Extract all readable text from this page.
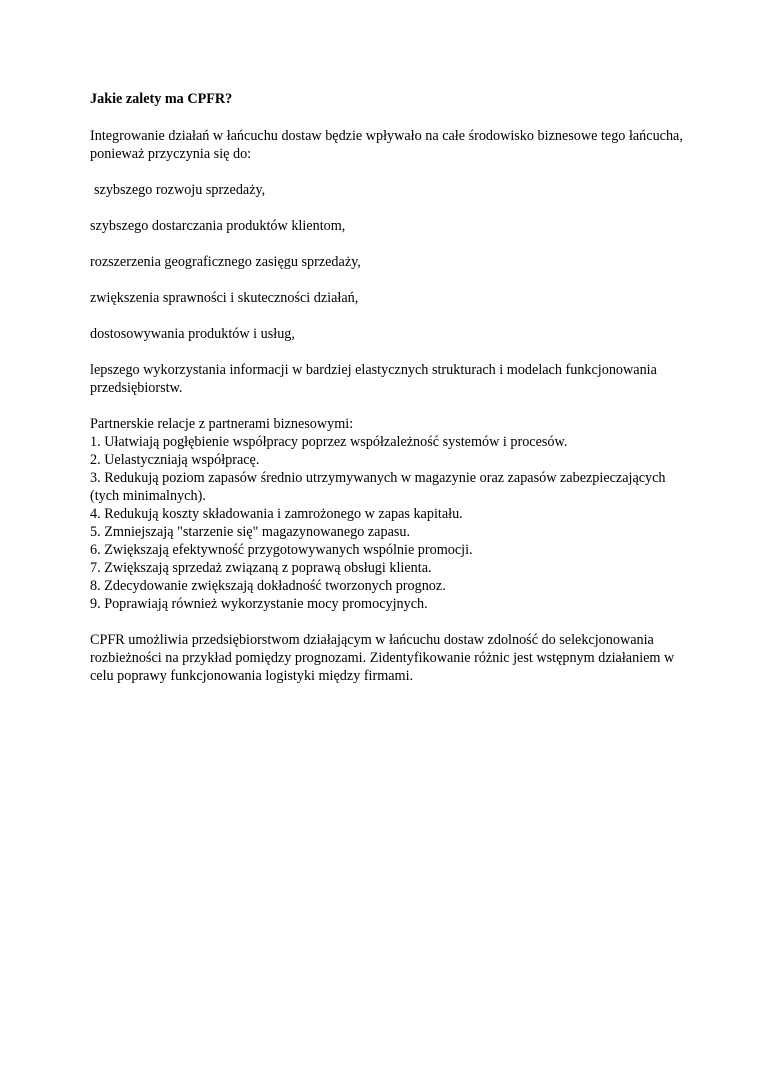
Jakie zalety ma CPFR?
Integrowanie działań w łańcuchu dostaw będzie wpływało na całe środowisko biznesowe tego łańcucha, ponieważ przyczynia się do:
szybszego rozwoju sprzedaży,
szybszego dostarczania produktów klientom,
rozszerzenia geograficznego zasięgu sprzedaży,
zwiększenia sprawności i skuteczności działań,
dostosowywania produktów i usług,
lepszego wykorzystania informacji w bardziej elastycznych strukturach i modelach funkcjonowania przedsiębiorstw.
Partnerskie relacje z partnerami biznesowymi:
1. Ułatwiają pogłębienie współpracy poprzez współzależność systemów i procesów.
2. Uelastyczniają współpracę.
3. Redukują poziom zapasów średnio utrzymywanych w magazynie oraz zapasów zabezpieczających (tych minimalnych).
4. Redukują koszty składowania i zamrożonego w zapas kapitału.
5. Zmniejszają "starzenie się" magazynowanego zapasu.
6. Zwiększają efektywność przygotowywanych wspólnie promocji.
7. Zwiększają sprzedaż związaną z poprawą obsługi klienta.
8. Zdecydowanie zwiększają dokładność tworzonych prognoz.
9. Poprawiają również wykorzystanie mocy promocyjnych.
CPFR umożliwia przedsiębiorstwom działającym w łańcuchu dostaw zdolność do selekcjonowania rozbieżności na przykład pomiędzy prognozami. Zidentyfikowanie różnic jest wstępnym działaniem w celu poprawy funkcjonowania logistyki między firmami.
